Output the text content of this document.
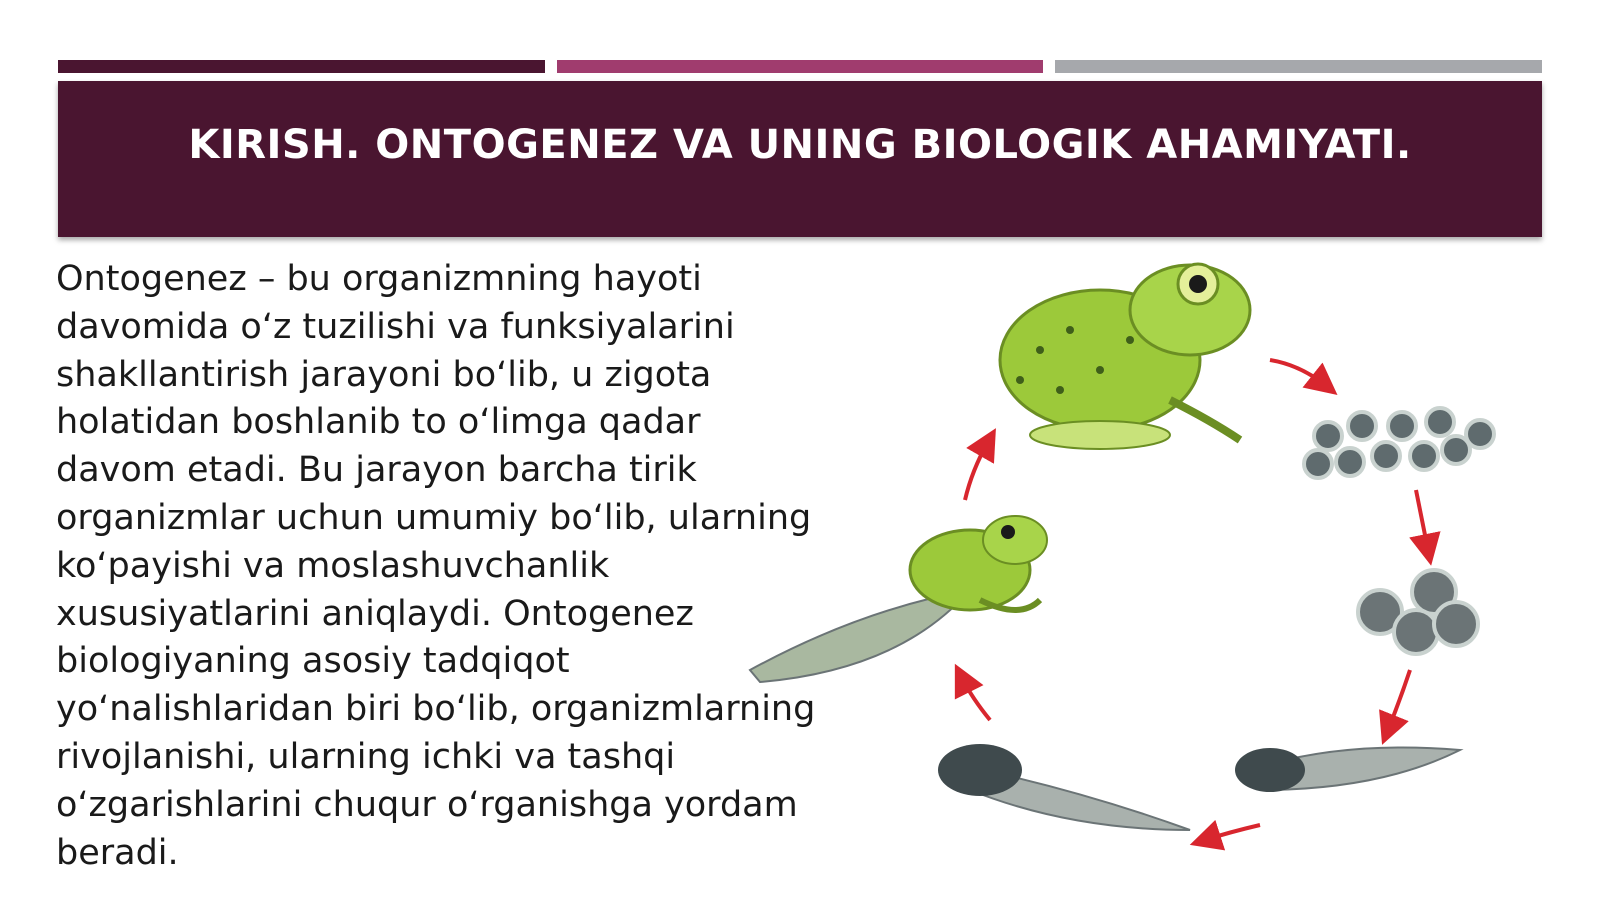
KIRISH. ONTOGENEZ VA UNING BIOLOGIK AHAMIYATI.

Ontogenez – bu organizmning hayoti davomida oʻz tuzilishi va funksiyalarini shakllantirish jarayoni boʻlib, u zigota holatidan boshlanib to oʻlimga qadar davom etadi. Bu jarayon barcha tirik organizmlar uchun umumiy boʻlib, ularning koʻpayishi va moslashuvchanlik xususiyatlarini aniqlaydi. Ontogenez biologiyaning asosiy tadqiqot yoʻnalishlaridan biri boʻlib, organizmlarning rivojlanishi, ularning ichki va tashqi oʻzgarishlarini chuqur oʻrganishga yordam beradi.
